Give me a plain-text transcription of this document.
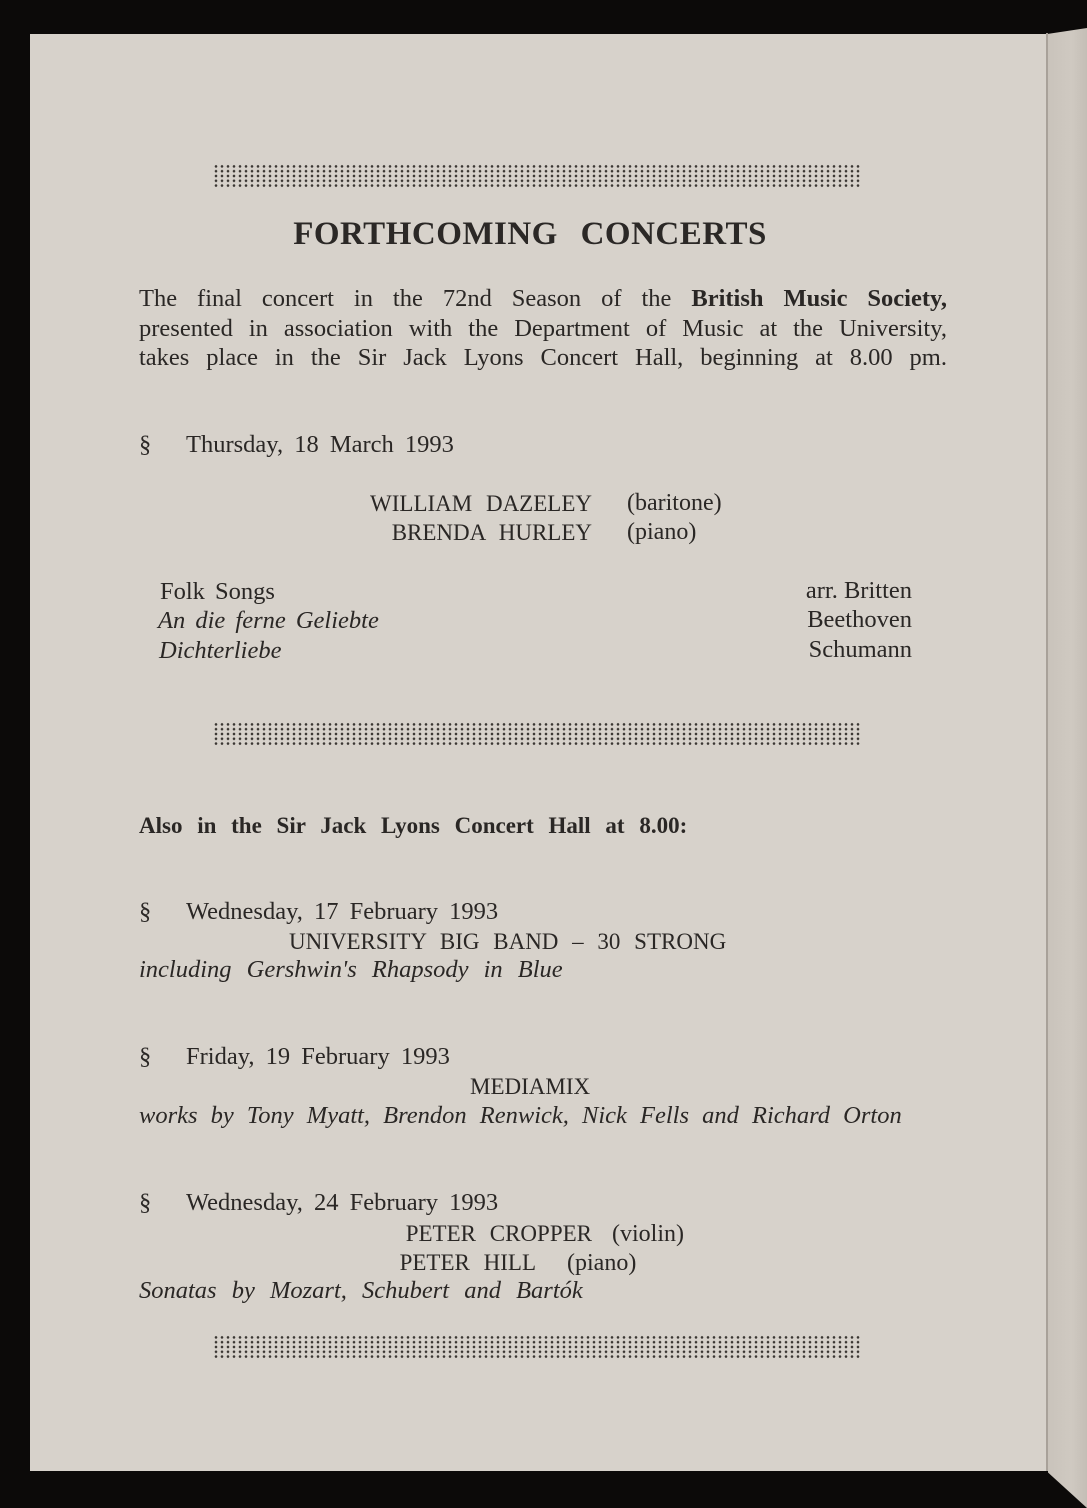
FORTHCOMING CONCERTS
The final concert in the 72nd Season of the British Music Society,
presented in association with the Department of Music at the University,
takes place in the Sir Jack Lyons Concert Hall, beginning at 8.00 pm.
§ Thursday, 18 March 1993
WILLIAM DAZELEY (baritone)
BRENDA HURLEY (piano)
Folk Songs
An die ferne Geliebte
Dichterliebe
arr. Britten
Beethoven
Schumann
Also in the Sir Jack Lyons Concert Hall at 8.00:
§ Wednesday, 17 February 1993
UNIVERSITY BIG BAND – 30 STRONG
including Gershwin's Rhapsody in Blue
§ Friday, 19 February 1993
MEDIAMIX
works by Tony Myatt, Brendon Renwick, Nick Fells and Richard Orton
§ Wednesday, 24 February 1993
PETER CROPPER (violin)
PETER HILL (piano)
Sonatas by Mozart, Schubert and Bartók
